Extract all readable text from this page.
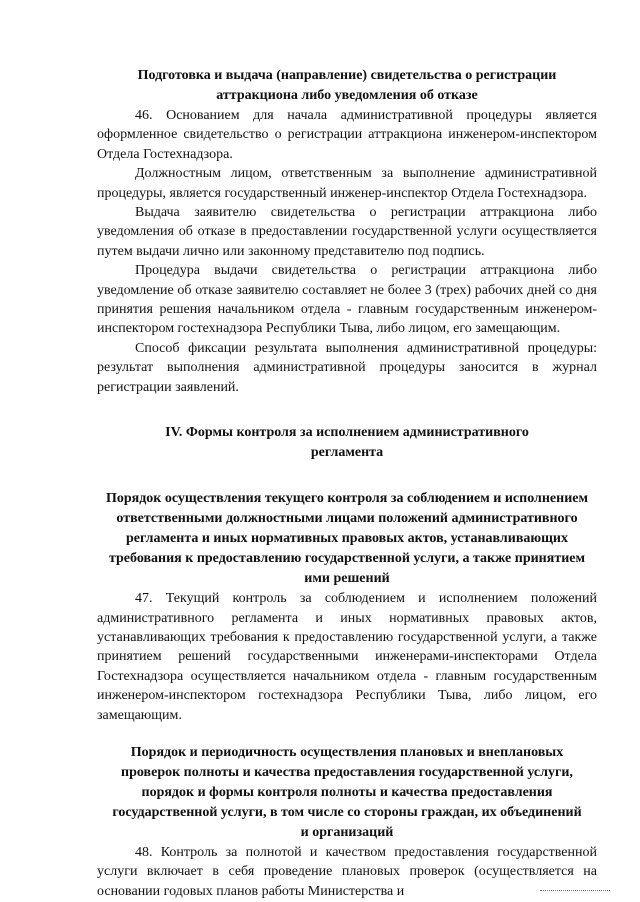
Подготовка и выдача (направление) свидетельства о регистрации аттракциона либо уведомления об отказе

46. Основанием для начала административной процедуры является оформленное свидетельство о регистрации аттракциона инженером-инспектором Отдела Гостехнадзора.

Должностным лицом, ответственным за выполнение административной процедуры, является государственный инженер-инспектор Отдела Гостехнадзора.

Выдача заявителю свидетельства о регистрации аттракциона либо уведомления об отказе в предоставлении государственной услуги осуществляется путем выдачи лично или законному представителю под подпись.

Процедура выдачи свидетельства о регистрации аттракциона либо уведомление об отказе заявителю составляет не более 3 (трех) рабочих дней со дня принятия решения начальником отдела - главным государственным инженером-инспектором гостехнадзора Республики Тыва, либо лицом, его замещающим.

Способ фиксации результата выполнения административной процедуры: результат выполнения административной процедуры заносится в журнал регистрации заявлений.

IV. Формы контроля за исполнением административного регламента
Порядок осуществления текущего контроля за соблюдением и исполнением ответственными должностными лицами положений административного регламента и иных нормативных правовых актов, устанавливающих требования к предоставлению государственной услуги, а также принятием ими решений

47. Текущий контроль за соблюдением и исполнением положений административного регламента и иных нормативных правовых актов, устанавливающих требования к предоставлению государственной услуги, а также принятием решений государственными инженерами-инспекторами Отдела Гостехнадзора осуществляется начальником отдела - главным государственным инженером-инспектором гостехнадзора Республики Тыва, либо лицом, его замещающим.

Порядок и периодичность осуществления плановых и внеплановых проверок полноты и качества предоставления государственной услуги, порядок и формы контроля полноты и качества предоставления государственной услуги, в том числе со стороны граждан, их объединений и организаций

48. Контроль за полнотой и качеством предоставления государственной услуги включает в себя проведение плановых проверок (осуществляется на основании годовых планов работы Министерства и
